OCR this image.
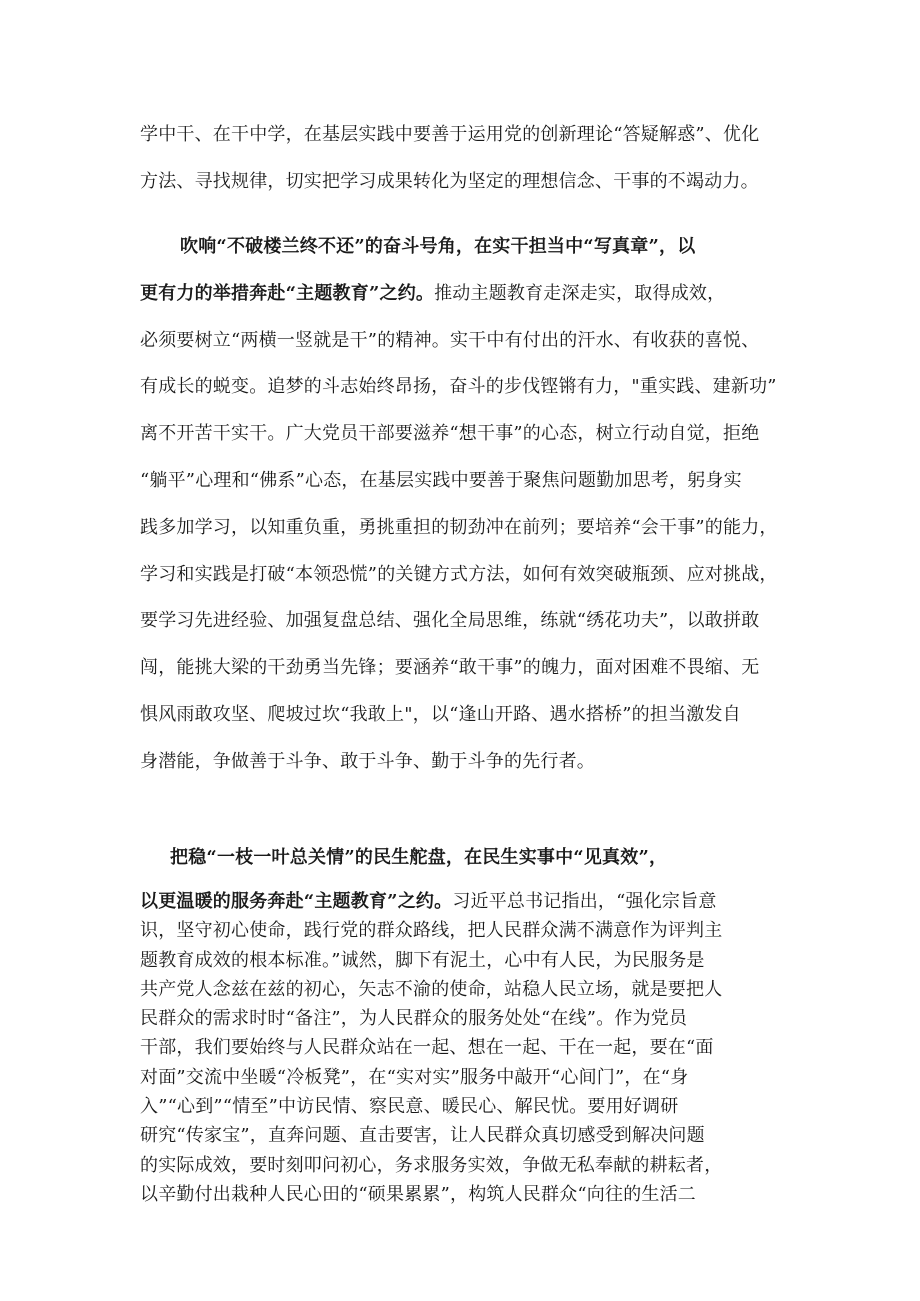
学中干、在干中学，在基层实践中要善于运用党的创新理论“答疑解惑”、优化
方法、寻找规律，切实把学习成果转化为坚定的理想信念、干事的不竭动力。
吹响“不破楼兰终不还”的奋斗号角，在实干担当中“写真章”，以
更有力的举措奔赴“主题教育”之约。推动主题教育走深走实，取得成效，
必须要树立“两横一竖就是干”的精神。实干中有付出的汗水、有收获的喜悦、
有成长的蜕变。追梦的斗志始终昂扬，奋斗的步伐铿锵有力，"重实践、建新功”
离不开苦干实干。广大党员干部要滋养“想干事”的心态，树立行动自觉，拒绝
“躺平”心理和“佛系”心态，在基层实践中要善于聚焦问题勤加思考，躬身实
践多加学习，以知重负重，勇挑重担的韧劲冲在前列；要培养“会干事”的能力，
学习和实践是打破“本领恐慌”的关键方式方法，如何有效突破瓶颈、应对挑战，
要学习先进经验、加强复盘总结、强化全局思维，练就“绣花功夫”，以敢拼敢
闯，能挑大梁的干劲勇当先锋；要涵养“敢干事”的魄力，面对困难不畏缩、无
惧风雨敢攻坚、爬坡过坎“我敢上"，以“逢山开路、遇水搭桥”的担当激发自
身潜能，争做善于斗争、敢于斗争、勤于斗争的先行者。
把稳“一枝一叶总关情”的民生舵盘，在民生实事中“见真效”，
以更温暖的服务奔赴“主题教育”之约。习近平总书记指出，“强化宗旨意
识，坚守初心使命，践行党的群众路线，把人民群众满不满意作为评判主
题教育成效的根本标准。”诚然，脚下有泥土，心中有人民，为民服务是
共产党人念兹在兹的初心，矢志不渝的使命，站稳人民立场，就是要把人
民群众的需求时时“备注”，为人民群众的服务处处“在线”。作为党员
干部，我们要始终与人民群众站在一起、想在一起、干在一起，要在“面
对面”交流中坐暖“冷板凳”，在“实对实”服务中敲开“心间门”，在“身
入”“心到”“情至”中访民情、察民意、暖民心、解民忧。要用好调研
研究“传家宝”，直奔问题、直击要害，让人民群众真切感受到解决问题
的实际成效，要时刻叩问初心，务求服务实效，争做无私奉献的耕耘者，
以辛勤付出栽种人民心田的“硕果累累”，构筑人民群众“向往的生活二
